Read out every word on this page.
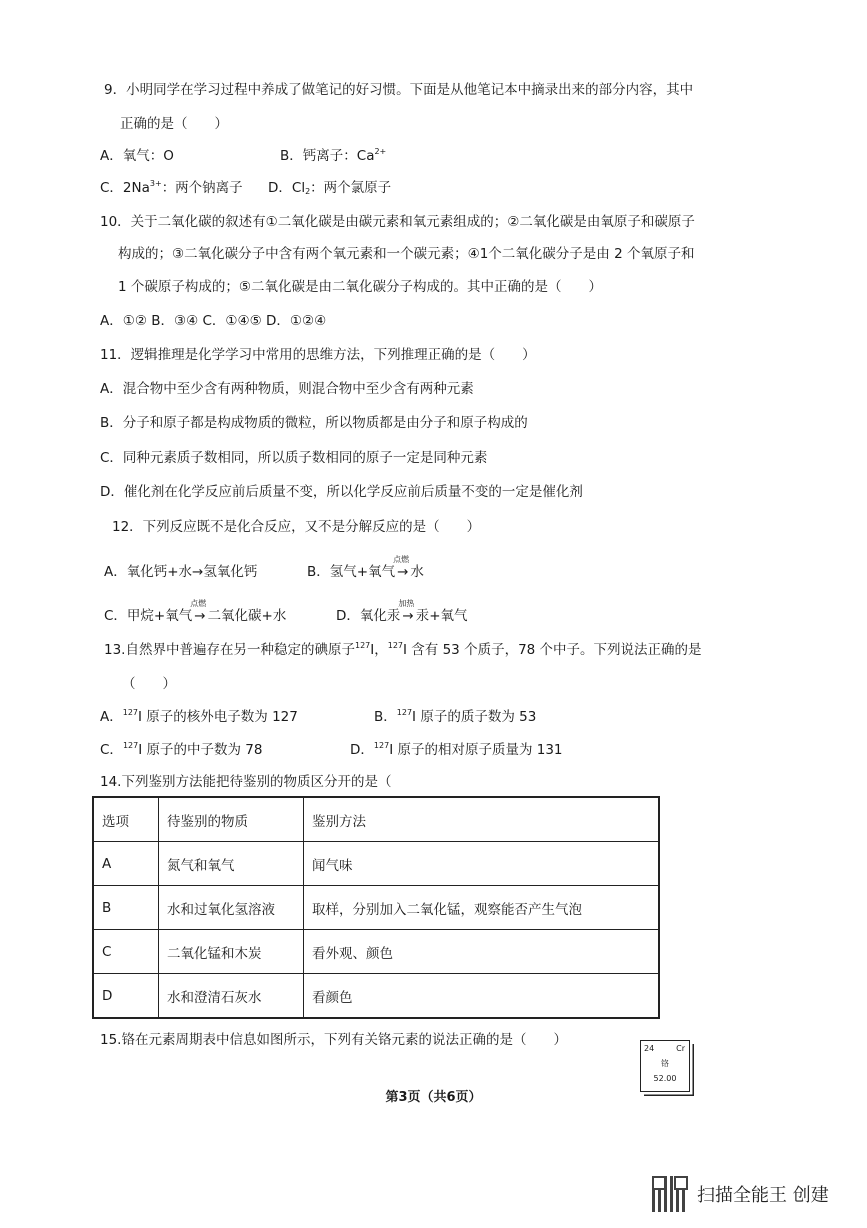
9．小明同学在学习过程中养成了做笔记的好习惯。下面是从他笔记本中摘录出来的部分内容，其中
正确的是（　　）
A．氧气：O	B．钙离子：$Ca^{2+}$
C．$2Na^{3+}$：两个钠离子 D．$Cl_2$：两个氯原子
10．关于二氧化碳的叙述有①二氧化碳是由碳元素和氧元素组成的；②二氧化碳是由氧原子和碳原子
构成的；③二氧化碳分子中含有两个氧元素和一个碳元素；④1个二氧化碳分子是由 2 个氧原子和
1 个碳原子构成的；⑤二氧化碳是由二氧化碳分子构成的。其中正确的是（　　）
A．①② B．③④ C．①④⑤ D．①②④
11．逻辑推理是化学学习中常用的思维方法，下列推理正确的是（　　）
A．混合物中至少含有两种物质，则混合物中至少含有两种元素
B．分子和原子都是构成物质的微粒，所以物质都是由分子和原子构成的
C．同种元素质子数相同，所以质子数相同的原子一定是同种元素
D．催化剂在化学反应前后质量不变，所以化学反应前后质量不变的一定是催化剂
12．下列反应既不是化合反应，又不是分解反应的是（　　）
A．氧化钙+水→氢氧化钙	B．氢气+氧气
点燃
→ 水
C．甲烷+氧气
点燃
→ 二氧化碳+水	D．氧化汞
加热
→ 汞+氧气
13.自然界中普遍存在另一种稳定的碘原子$^{127}$I，$^{127}$I 含有 53 个质子，78 个中子。下列说法正确的是
（　　）
A．$^{127}$I 原子的核外电子数为 127	B．$^{127}$I 原子的质子数为 53
C．$^{127}$I 原子的中子数为 78	D．$^{127}$I 原子的相对原子质量为 131
14.下列鉴别方法能把待鉴别的物质区分开的是（
选项	待鉴别的物质	鉴别方法
A	氮气和氧气	闻气味
B	水和过氧化氢溶液	取样，分别加入二氧化锰，观察能否产生气泡
C	二氧化锰和木炭	看外观、颜色
D	水和澄清石灰水	看颜色
15.铬在元素周期表中信息如图所示，下列有关铬元素的说法正确的是（　　）
24	Cr
铬
52.00
第3页（共6页）
扫描全能王 创建
